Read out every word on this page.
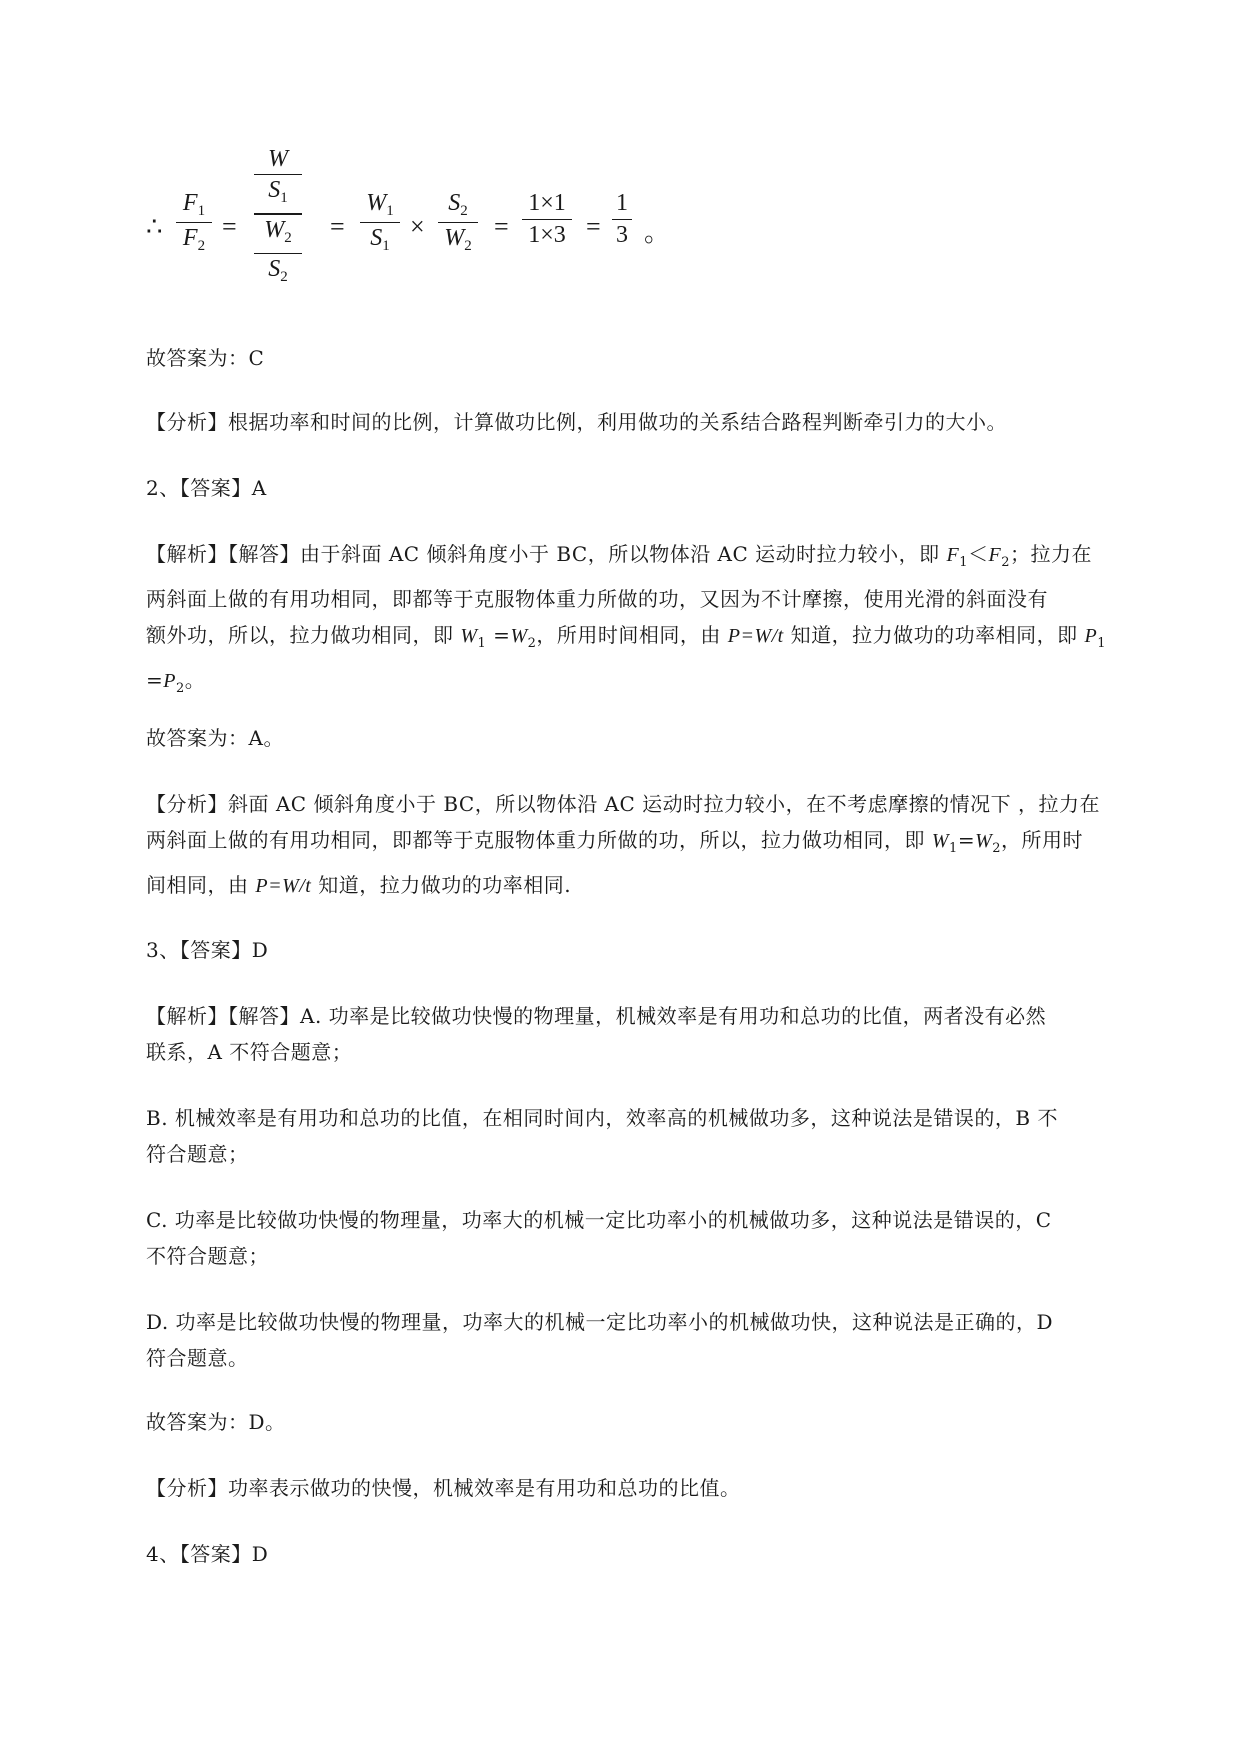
∴
$F_1$
$F_2$
=
W
$S_1$
$W_2$
$S_2$
=
$W_1$
$S_1$
×
$S_2$
$W_2$
=
1×1
1×3 =
1
3 。
故答案为：C
【分析】根据功率和时间的比例，计算做功比例，利用做功的关系结合路程判断牵引力的大小。
2、【答案】A
【解析】【解答】由于斜面 AC 倾斜角度小于 BC，所以物体沿 AC 运动时拉力较小，即 $F_1<F_2$；拉力在
两斜面上做的有用功相同，即都等于克服物体重力所做的功，又因为不计摩擦，使用光滑的斜面没有
额外功，所以，拉力做功相同，即 $W_1 =W_2$，所用时间相同，由 P=W/t 知道，拉力做功的功率相同，即 $P_1$
$=P_2$。
故答案为：A。
【分析】斜面 AC 倾斜角度小于 BC，所以物体沿 AC 运动时拉力较小，在不考虑摩擦的情况下 ，拉力在
两斜面上做的有用功相同，即都等于克服物体重力所做的功，所以，拉力做功相同，即 $W_1=W_2$，所用时
间相同，由 P=W/t 知道，拉力做功的功率相同.
3、【答案】D
【解析】【解答】A. 功率是比较做功快慢的物理量，机械效率是有用功和总功的比值，两者没有必然
联系，A 不符合题意；
B. 机械效率是有用功和总功的比值，在相同时间内，效率高的机械做功多，这种说法是错误的，B 不
符合题意；
C. 功率是比较做功快慢的物理量，功率大的机械一定比功率小的机械做功多，这种说法是错误的，C
不符合题意；
D. 功率是比较做功快慢的物理量，功率大的机械一定比功率小的机械做功快，这种说法是正确的，D
符合题意。
故答案为：D。
【分析】功率表示做功的快慢，机械效率是有用功和总功的比值。
4、【答案】D
